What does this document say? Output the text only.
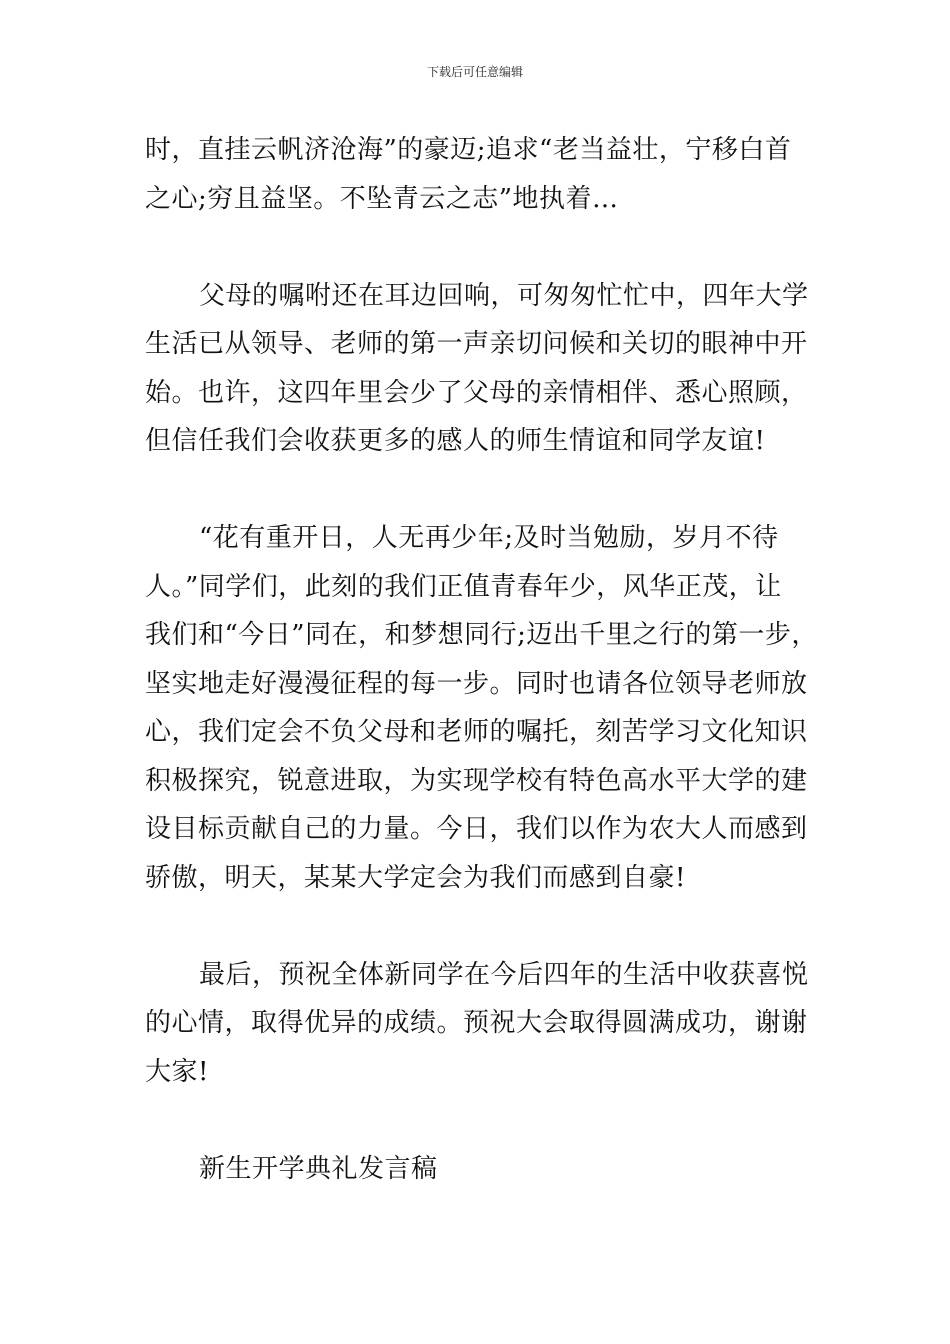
下载后可任意编辑

时，直挂云帆济沧海”的豪迈;追求“老当益壮，宁移白首
之心;穷且益坚。不坠青云之志”地执着…

父母的嘱咐还在耳边回响，可匆匆忙忙中，四年大学
生活已从领导、老师的第一声亲切问候和关切的眼神中开
始。也许，这四年里会少了父母的亲情相伴、悉心照顾，
但信任我们会收获更多的感人的师生情谊和同学友谊!

“花有重开日，人无再少年;及时当勉励，岁月不待
人。”同学们，此刻的我们正值青春年少，风华正茂，让
我们和“今日”同在，和梦想同行;迈出千里之行的第一步，
坚实地走好漫漫征程的每一步。同时也请各位领导老师放
心，我们定会不负父母和老师的嘱托，刻苦学习文化知识
积极探究，锐意进取，为实现学校有特色高水平大学的建
设目标贡献自己的力量。今日，我们以作为农大人而感到
骄傲，明天，某某大学定会为我们而感到自豪!

最后，预祝全体新同学在今后四年的生活中收获喜悦
的心情，取得优异的成绩。预祝大会取得圆满成功，谢谢
大家!

新生开学典礼发言稿
